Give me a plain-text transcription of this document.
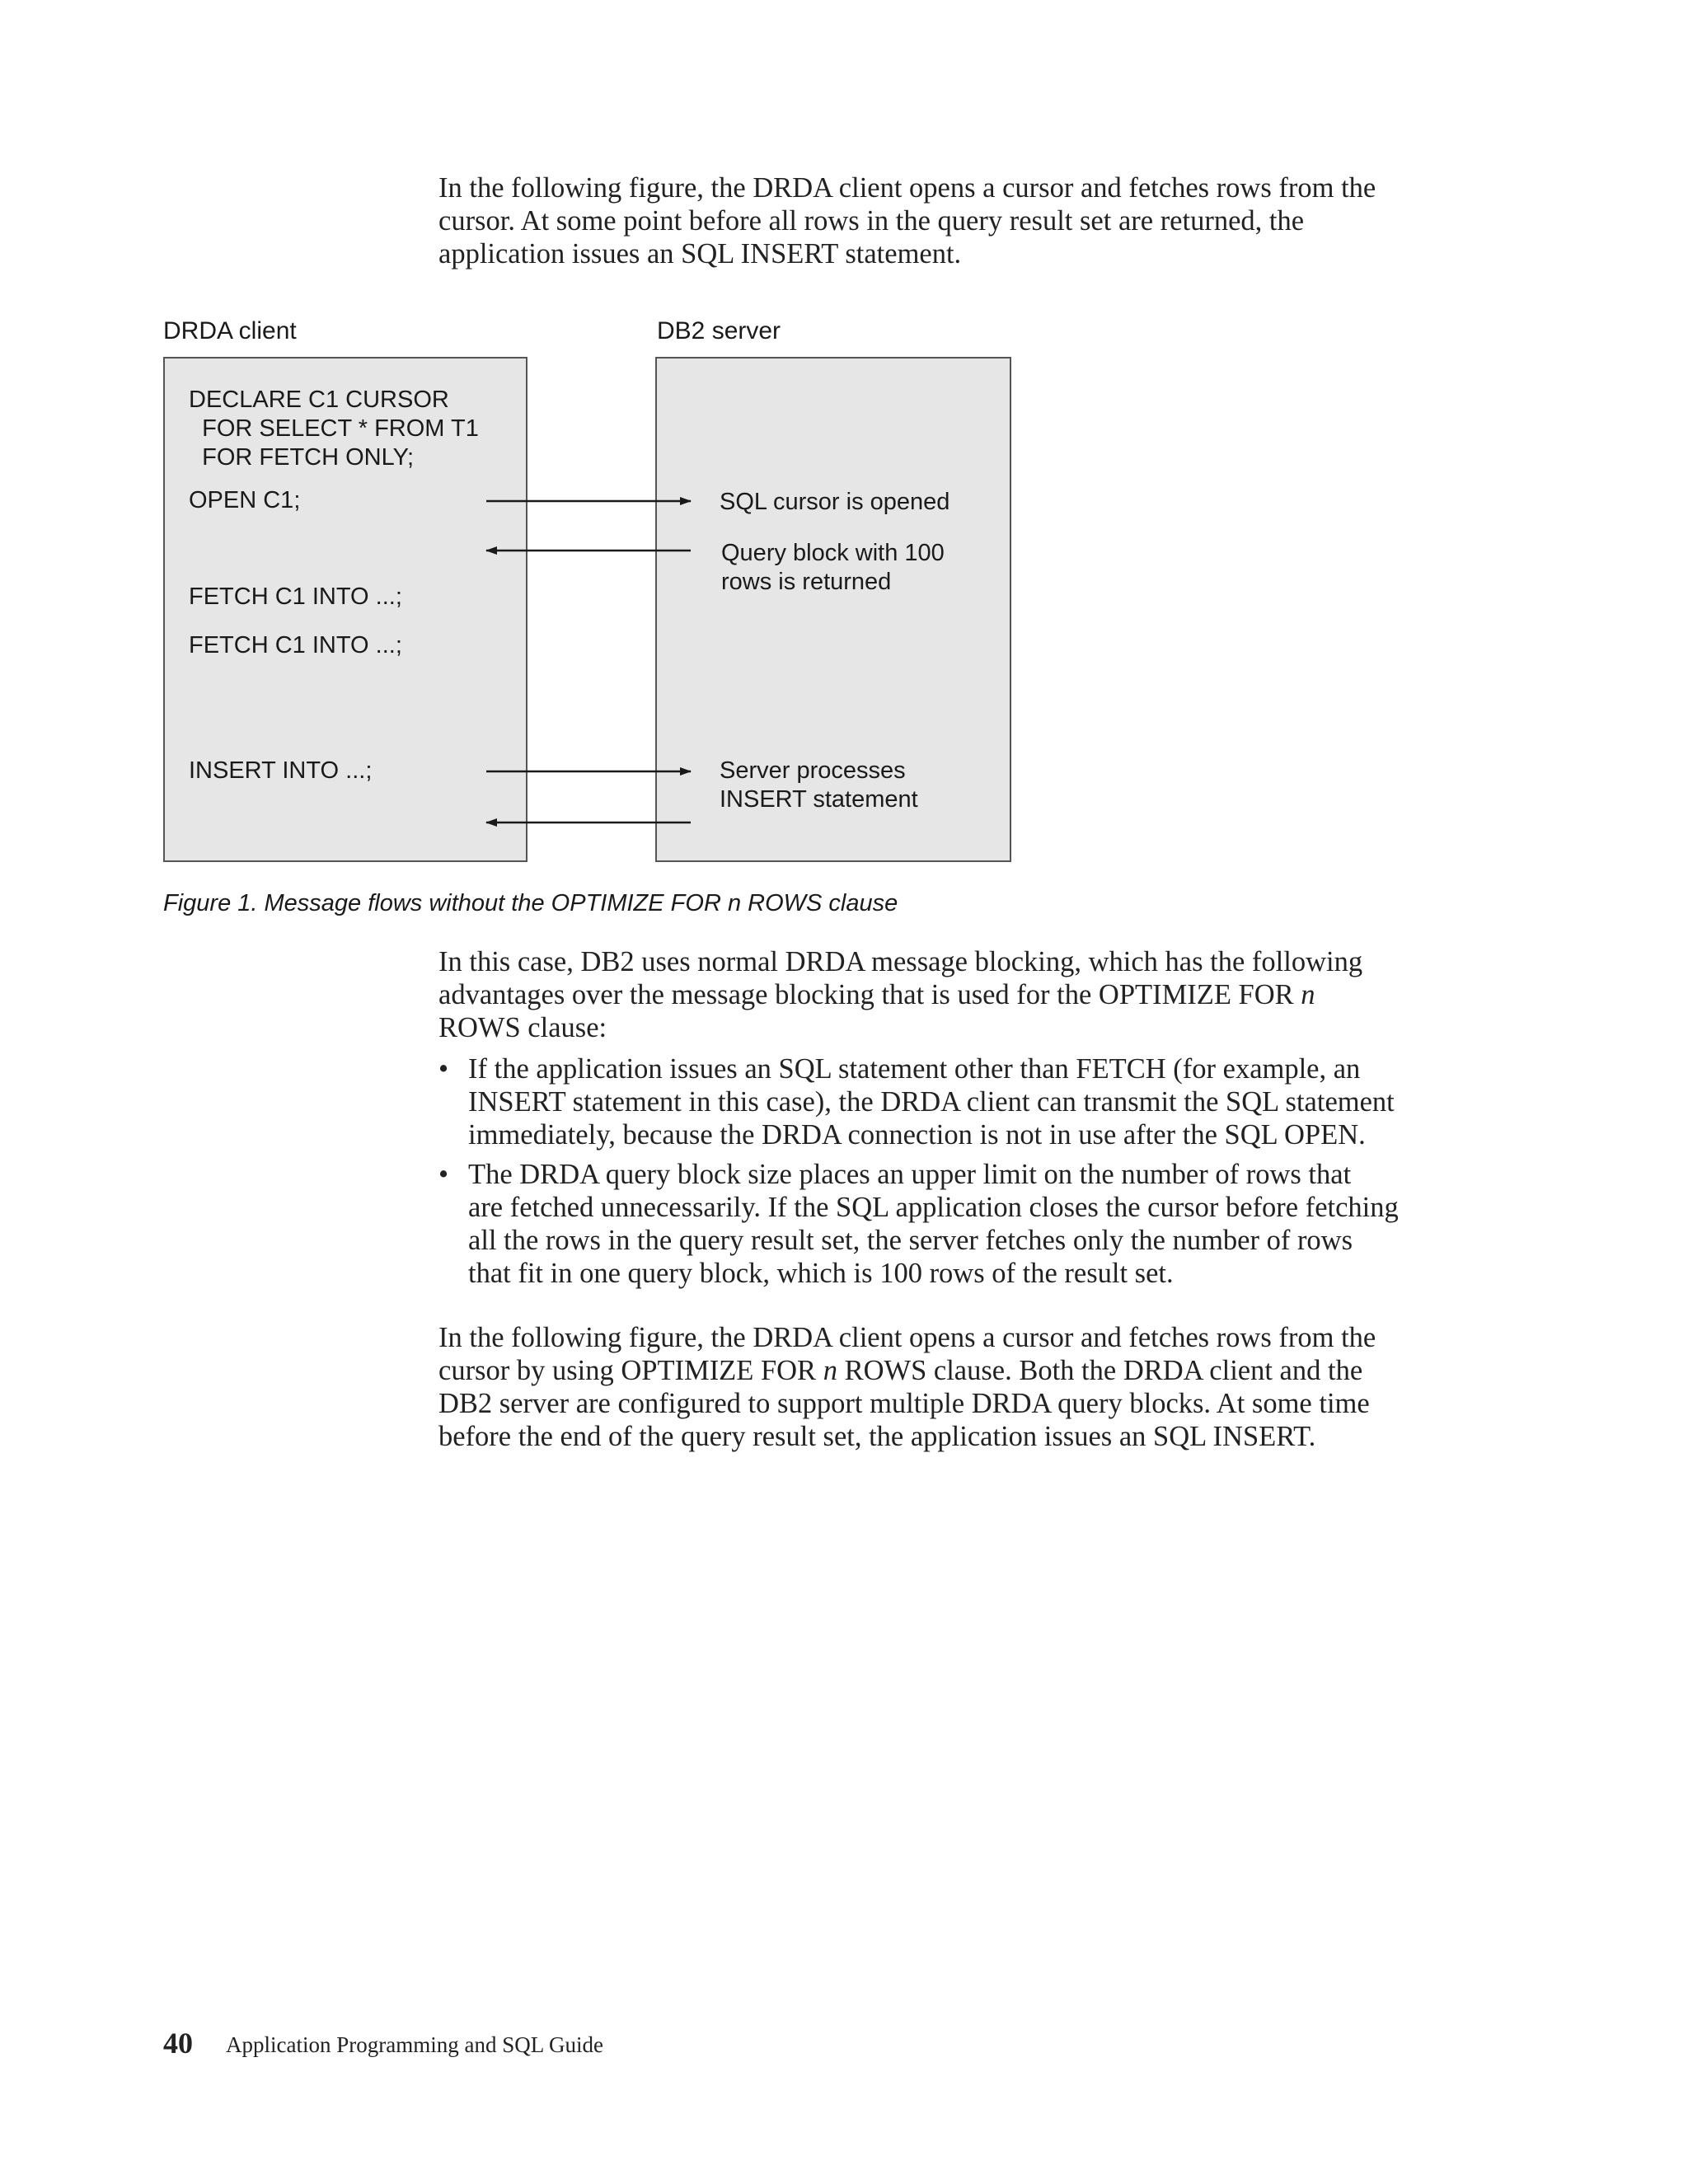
In the following figure, the DRDA client opens a cursor and fetches rows from the
cursor. At some point before all rows in the query result set are returned, the
application issues an SQL INSERT statement.
DRDA client	DB2 server
DECLARE C1 CURSOR
FOR SELECT * FROM T1
FOR FETCH ONLY;
OPEN C1;
FETCH C1 INTO ...;
FETCH C1 INTO ...;
INSERT INTO ...;
SQL cursor is opened
Query block with 100
rows is returned
Server processes
INSERT statement
Figure 1. Message flows without the OPTIMIZE FOR n ROWS clause
In this case, DB2 uses normal DRDA message blocking, which has the following
advantages over the message blocking that is used for the OPTIMIZE FOR n
ROWS clause:
• If the application issues an SQL statement other than FETCH (for example, an
INSERT statement in this case), the DRDA client can transmit the SQL statement
immediately, because the DRDA connection is not in use after the SQL OPEN.
• The DRDA query block size places an upper limit on the number of rows that
are fetched unnecessarily. If the SQL application closes the cursor before fetching
all the rows in the query result set, the server fetches only the number of rows
that fit in one query block, which is 100 rows of the result set.
In the following figure, the DRDA client opens a cursor and fetches rows from the
cursor by using OPTIMIZE FOR n ROWS clause. Both the DRDA client and the
DB2 server are configured to support multiple DRDA query blocks. At some time
before the end of the query result set, the application issues an SQL INSERT.
40 Application Programming and SQL Guide
